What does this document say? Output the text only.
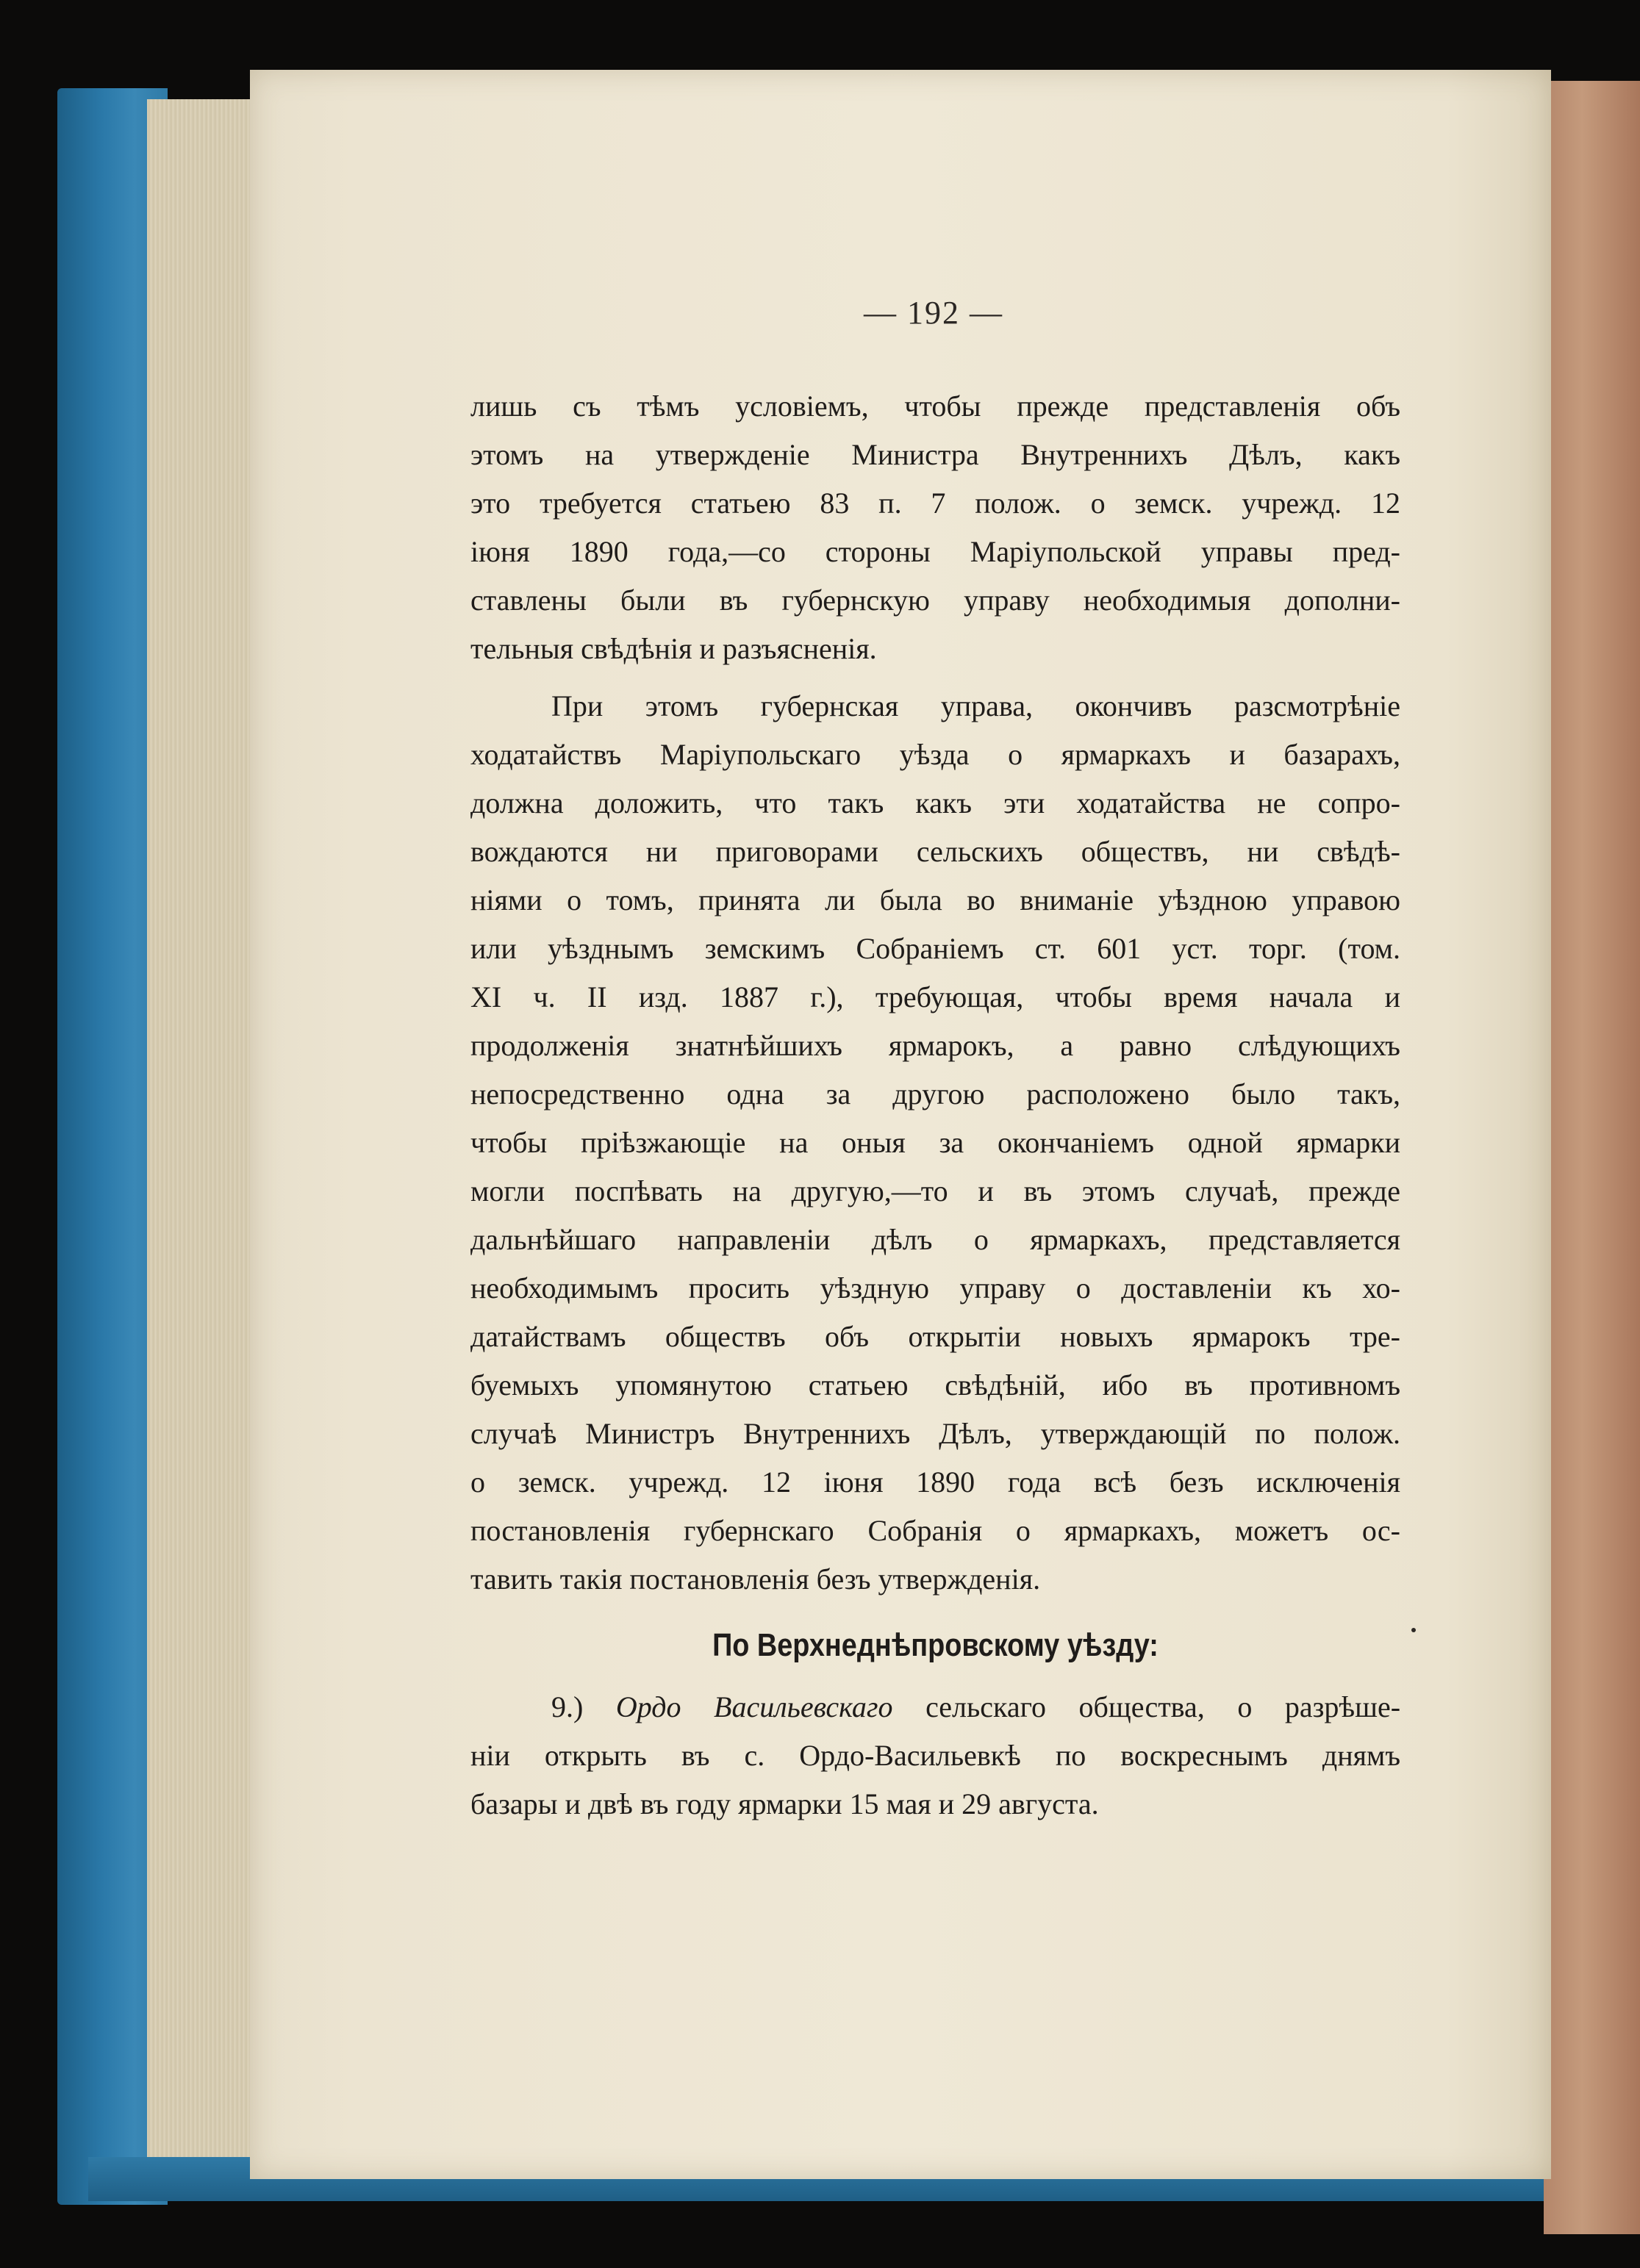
— 192 —
лишь съ тѣмъ условіемъ, чтобы прежде представленія объ
этомъ на утвержденіе Министра Внутреннихъ Дѣлъ, какъ
это требуется статьею 83 п. 7 полож. о земск. учрежд. 12
іюня 1890 года,—со стороны Маріупольской управы пред-
ставлены были въ губернскую управу необходимыя дополни-
тельныя свѣдѣнія и разъясненія.
При этомъ губернская управа, окончивъ разсмотрѣніе
ходатайствъ Маріупольскаго уѣзда о ярмаркахъ и базарахъ,
должна доложить, что такъ какъ эти ходатайства не сопро-
вождаются ни приговорами сельскихъ обществъ, ни свѣдѣ-
ніями о томъ, принята ли была во вниманіе уѣздною управою
или уѣзднымъ земскимъ Собраніемъ ст. 601 уст. торг. (том.
XI ч. II изд. 1887 г.), требующая, чтобы время начала и
продолженія знатнѣйшихъ ярмарокъ, а равно слѣдующихъ
непосредственно одна за другою расположено было такъ,
чтобы пріѣзжающіе на оныя за окончаніемъ одной ярмарки
могли поспѣвать на другую,—то и въ этомъ случаѣ, прежде
дальнѣйшаго направленіи дѣлъ о ярмаркахъ, представляется
необходимымъ просить уѣздную управу о доставленіи къ хо-
датайствамъ обществъ объ открытіи новыхъ ярмарокъ тре-
буемыхъ упомянутою статьею свѣдѣній, ибо въ противномъ
случаѣ Министръ Внутреннихъ Дѣлъ, утверждающій по полож.
о земск. учрежд. 12 іюня 1890 года всѣ безъ исключенія
постановленія губернскаго Собранія о ярмаркахъ, можетъ ос-
тавить такія постановленія безъ утвержденія.
По Верхнеднѣпровскому уѣзду:
9.) Ордо Васильевскаго сельскаго общества, о разрѣше-
ніи открыть въ с. Ордо-Васильевкѣ по воскреснымъ днямъ
базары и двѣ въ году ярмарки 15 мая и 29 августа.
